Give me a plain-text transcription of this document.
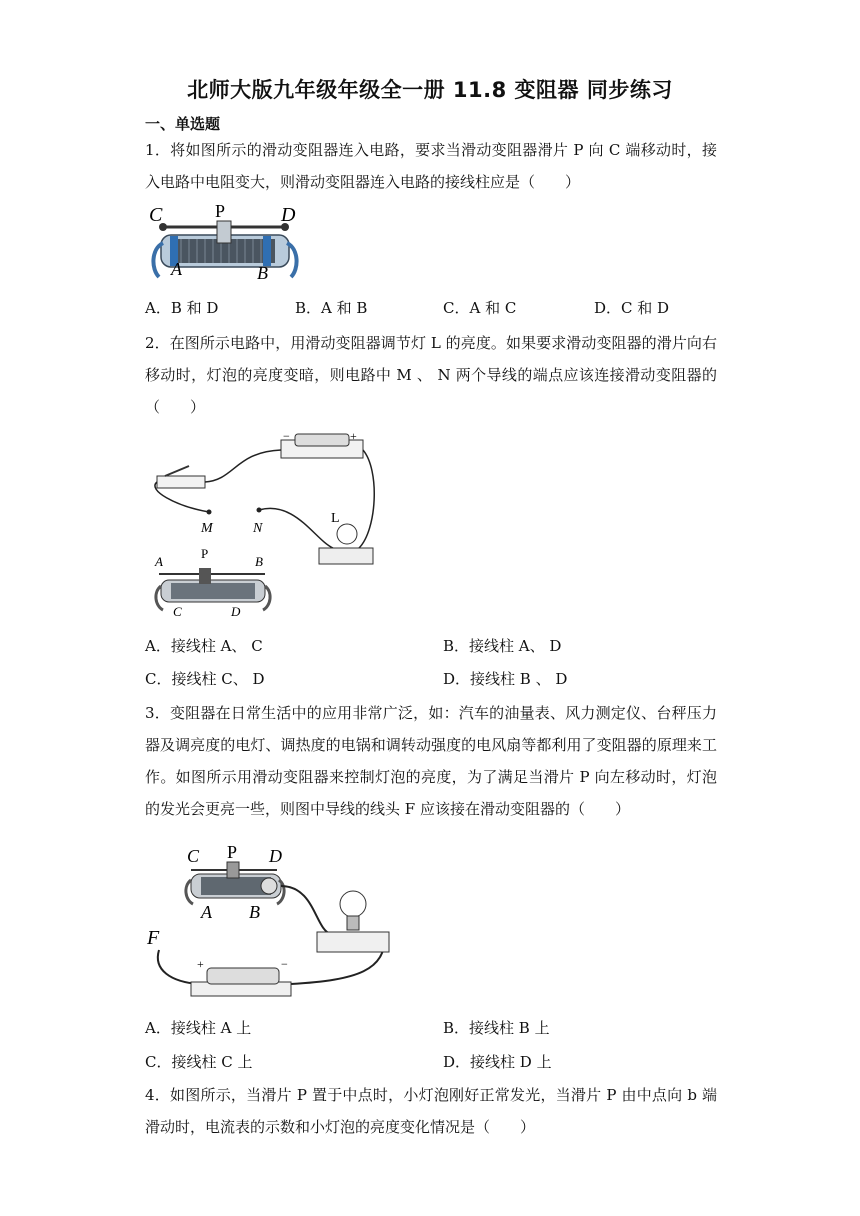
北师大版九年级年级全一册 11.8 变阻器 同步练习
一、单选题
1．将如图所示的滑动变阻器连入电路，要求当滑动变阻器滑片 P 向 C 端移动时，接入电路中电阻变大，则滑动变阻器连入电路的接线柱应是（　　）
C	P	D
A	B
A．B 和 D	B．A 和 B	C．A 和 C	D．C 和 D
2．在图所示电路中，用滑动变阻器调节灯 L 的亮度。如果要求滑动变阻器的滑片向右移动时，灯泡的亮度变暗，则电路中 M 、 N 两个导线的端点应该连接滑动变阻器的（　　）
−	+
M	N
L
A
P
B
C	D
A．接线柱 A、 C	B．接线柱 A、 D
C．接线柱 C、 D	D．接线柱 B 、 D
3．变阻器在日常生活中的应用非常广泛，如：汽车的油量表、风力测定仪、台秤压力器及调亮度的电灯、调热度的电锅和调转动强度的电风扇等都利用了变阻器的原理来工作。如图所示用滑动变阻器来控制灯泡的亮度，为了满足当滑片 P 向左移动时，灯泡的发光会更亮一些，则图中导线的线头 F 应该接在滑动变阻器的（　　）
C P D
A B
F
+	−
A．接线柱 A 上	B．接线柱 B 上
C．接线柱 C 上	D．接线柱 D 上
4．如图所示，当滑片 P 置于中点时，小灯泡刚好正常发光，当滑片 P 由中点向 b 端滑动时，电流表的示数和小灯泡的亮度变化情况是（　　）
